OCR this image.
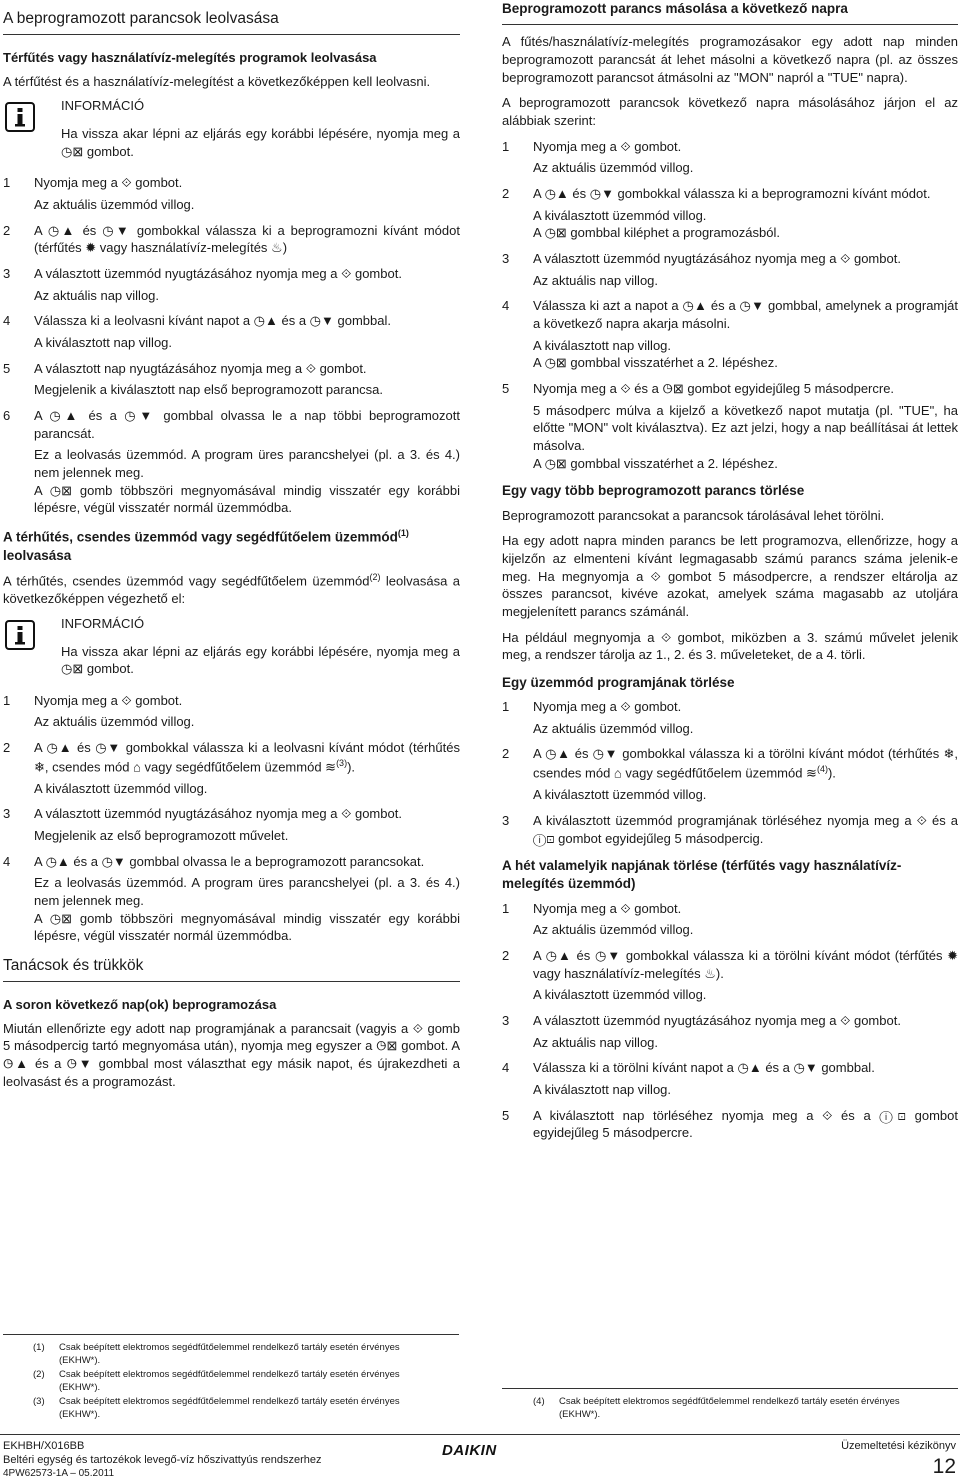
A beprogramozott parancsok leolvasása
Térfűtés vagy használatívíz-melegítés programok leolvasása
A térfűtést és a használatívíz-melegítést a következőképpen kell leolvasni.
INFORMÁCIÓ
Ha vissza akar lépni az eljárás egy korábbi lépésére, nyomja meg a ◷⊠ gombot.
1 Nyomja meg a ⟐ gombot.
Az aktuális üzemmód villog.
2 A ◷▲ és ◷▼ gombokkal válassza ki a beprogramozni kívánt módot (térfűtés ✹ vagy használatívíz-melegítés ♨)
3 A választott üzemmód nyugtázásához nyomja meg a ⟐ gombot.
Az aktuális nap villog.
4 Válassza ki a leolvasni kívánt napot a ◷▲ és a ◷▼ gombbal.
A kiválasztott nap villog.
5 A választott nap nyugtázásához nyomja meg a ⟐ gombot.
Megjelenik a kiválasztott nap első beprogramozott parancsa.
6 A ◷▲ és a ◷▼ gombbal olvassa le a nap többi beprogramozott parancsát.
Ez a leolvasás üzemmód. A program üres parancshelyei (pl. a 3. és 4.) nem jelennek meg.
A ◷⊠ gomb többszöri megnyomásával mindig visszatér egy korábbi lépésre, végül visszatér normál üzemmódba.
A térhűtés, csendes üzemmód vagy segédfűtőelem üzemmód$^{(1)}$ leolvasása
A térhűtés, csendes üzemmód vagy segédfűtőelem üzemmód$^{(2)}$ leolvasása a következőképpen végezhető el:
INFORMÁCIÓ
Ha vissza akar lépni az eljárás egy korábbi lépésére, nyomja meg a ◷⊠ gombot.
1 Nyomja meg a ⟐ gombot.
Az aktuális üzemmód villog.
2 A ◷▲ és ◷▼ gombokkal válassza ki a leolvasni kívánt módot (térhűtés ❄, csendes mód ⌂ vagy segédfűtőelem üzemmód ≋$^{(3)}$).
A kiválasztott üzemmód villog.
3 A választott üzemmód nyugtázásához nyomja meg a ⟐ gombot.
Megjelenik az első beprogramozott művelet.
4 A ◷▲ és a ◷▼ gombbal olvassa le a beprogramozott parancsokat.
Ez a leolvasás üzemmód. A program üres parancshelyei (pl. a 3. és 4.) nem jelennek meg.
A ◷⊠ gomb többszöri megnyomásával mindig visszatér egy korábbi lépésre, végül visszatér normál üzemmódba.
Tanácsok és trükkök
A soron következő nap(ok) beprogramozása
Miután ellenőrizte egy adott nap programjának a parancsait (vagyis a ⟐ gomb 5 másodpercig tartó megnyomása után), nyomja meg egyszer a ◷⊠ gombot. A ◷▲ és a ◷▼ gombbal most választhat egy másik napot, és újrakezdheti a leolvasást és a programozást.
Beprogramozott parancs másolása a következő napra
A fűtés/használatívíz-melegítés programozásakor egy adott nap minden beprogramozott parancsát át lehet másolni a következő napra (pl. az összes beprogramozott parancsot átmásolni az "MON" napról a "TUE" napra).
A beprogramozott parancsok következő napra másolásához járjon el az alábbiak szerint:
1 Nyomja meg a ⟐ gombot.
Az aktuális üzemmód villog.
2 A ◷▲ és ◷▼ gombokkal válassza ki a beprogramozni kívánt módot.
A kiválasztott üzemmód villog.
A ◷⊠ gombbal kiléphet a programozásból.
3 A választott üzemmód nyugtázásához nyomja meg a ⟐ gombot.
Az aktuális nap villog.
4 Válassza ki azt a napot a ◷▲ és a ◷▼ gombbal, amelynek a programját a következő napra akarja másolni.
A kiválasztott nap villog.
A ◷⊠ gombbal visszatérhet a 2. lépéshez.
5 Nyomja meg a ⟐ és a ◷⊠ gombot egyidejűleg 5 másodpercre.
5 másodperc múlva a kijelző a következő napot mutatja (pl. "TUE", ha előtte "MON" volt kiválasztva). Ez azt jelzi, hogy a nap beállításai át lettek másolva.
A ◷⊠ gombbal visszatérhet a 2. lépéshez.
Egy vagy több beprogramozott parancs törlése
Beprogramozott parancsokat a parancsok tárolásával lehet törölni.
Ha egy adott napra minden parancs be lett programozva, ellenőrizze, hogy a kijelzőn az elmenteni kívánt legmagasabb számú parancs száma jelenik-e meg. Ha megnyomja a ⟐ gombot 5 másodpercre, a rendszer eltárolja az összes parancsot, kivéve azokat, amelyek száma magasabb az utoljára megjelenített parancs számánál.
Ha például megnyomja a ⟐ gombot, miközben a 3. számú művelet jelenik meg, a rendszer tárolja az 1., 2. és 3. műveleteket, de a 4. törli.
Egy üzemmód programjának törlése
1 Nyomja meg a ⟐ gombot.
Az aktuális üzemmód villog.
2 A ◷▲ és ◷▼ gombokkal válassza ki a törölni kívánt módot (térhűtés ❄, csendes mód ⌂ vagy segédfűtőelem üzemmód ≋$^{(4)}$).
A kiválasztott üzemmód villog.
3 A kiválasztott üzemmód programjának törléséhez nyomja meg a ⟐ és a ⓘ⊡ gombot egyidejűleg 5 másodpercig.
A hét valamelyik napjának törlése (térfűtés vagy használatívíz-melegítés üzemmód)
1 Nyomja meg a ⟐ gombot.
Az aktuális üzemmód villog.
2 A ◷▲ és ◷▼ gombokkal válassza ki a törölni kívánt módot (térfűtés ✹ vagy használatívíz-melegítés ♨).
A kiválasztott üzemmód villog.
3 A választott üzemmód nyugtázásához nyomja meg a ⟐ gombot.
Az aktuális nap villog.
4 Válassza ki a törölni kívánt napot a ◷▲ és a ◷▼ gombbal.
A kiválasztott nap villog.
5 A kiválasztott nap törléséhez nyomja meg a ⟐ és a ⓘ⊡ gombot egyidejűleg 5 másodpercre.
(1)	Csak beépített elektromos segédfűtőelemmel rendelkező tartály esetén érvényes (EKHW*).
(2)	Csak beépített elektromos segédfűtőelemmel rendelkező tartály esetén érvényes (EKHW*).
(3)	Csak beépített elektromos segédfűtőelemmel rendelkező tartály esetén érvényes (EKHW*).
(4)	Csak beépített elektromos segédfűtőelemmel rendelkező tartály esetén érvényes (EKHW*).
EKHBH/X016BB
Beltéri egység és tartozékok levegő-víz hőszivattyús rendszerhez
4PW62573-1A – 05.2011
DAIKIN	Üzemeltetési kézikönyv
12
